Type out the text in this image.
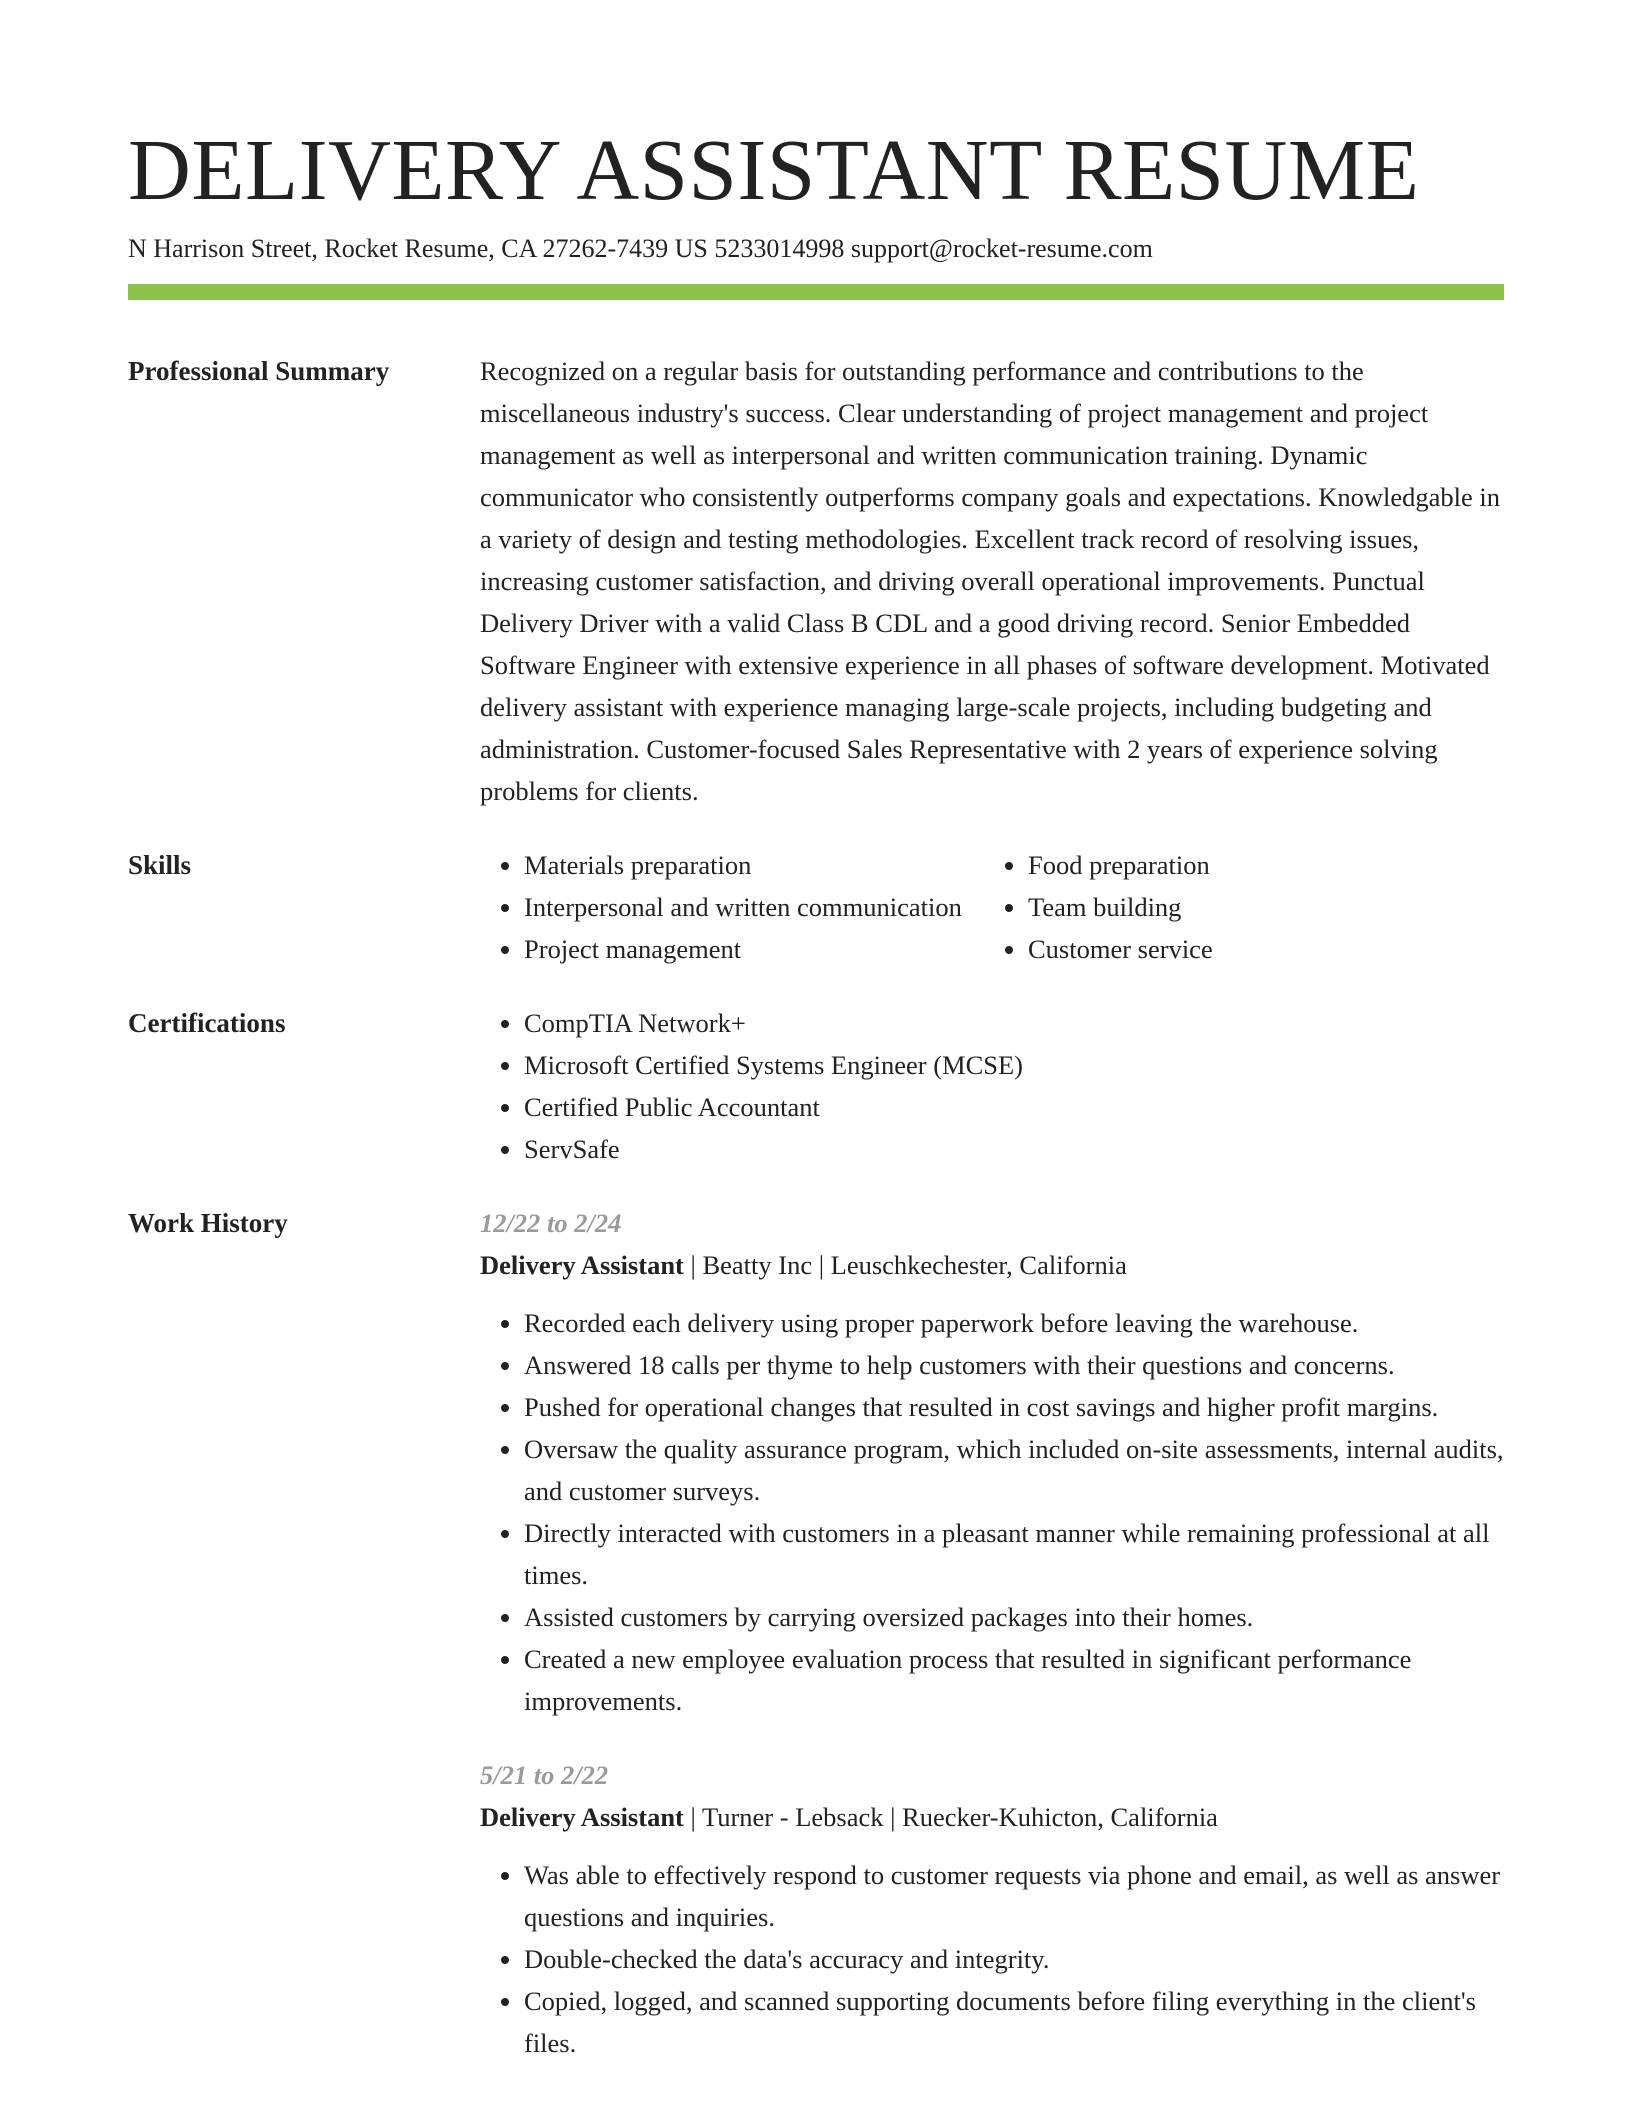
DELIVERY ASSISTANT RESUME
N Harrison Street, Rocket Resume, CA 27262-7439 US 5233014998 support@rocket-resume.com
Professional Summary	Recognized on a regular basis for outstanding performance and contributions to the miscellaneous industry's success. Clear understanding of project management and project management as well as interpersonal and written communication training. Dynamic communicator who consistently outperforms company goals and expectations. Knowledgable in a variety of design and testing methodologies. Excellent track record of resolving issues, increasing customer satisfaction, and driving overall operational improvements. Punctual Delivery Driver with a valid Class B CDL and a good driving record. Senior Embedded Software Engineer with extensive experience in all phases of software development. Motivated delivery assistant with experience managing large-scale projects, including budgeting and administration. Customer-focused Sales Representative with 2 years of experience solving problems for clients.

Skills	• Materials preparation
• Interpersonal and written communication
• Project management
• Food preparation
• Team building
• Customer service
Certifications	• CompTIA Network+
• Microsoft Certified Systems Engineer (MCSE)
• Certified Public Accountant
• ServSafe
Work History	12/22 to 2/24
Delivery Assistant | Beatty Inc | Leuschkechester, California
• Recorded each delivery using proper paperwork before leaving the warehouse.
• Answered 18 calls per thyme to help customers with their questions and concerns.
• Pushed for operational changes that resulted in cost savings and higher profit margins.
• Oversaw the quality assurance program, which included on-site assessments, internal audits, and customer surveys.
• Directly interacted with customers in a pleasant manner while remaining professional at all times.
• Assisted customers by carrying oversized packages into their homes.
• Created a new employee evaluation process that resulted in significant performance improvements.
5/21 to 2/22
Delivery Assistant | Turner - Lebsack | Ruecker-Kuhicton, California
• Was able to effectively respond to customer requests via phone and email, as well as answer questions and inquiries.
• Double-checked the data's accuracy and integrity.
• Copied, logged, and scanned supporting documents before filing everything in the client's files.
